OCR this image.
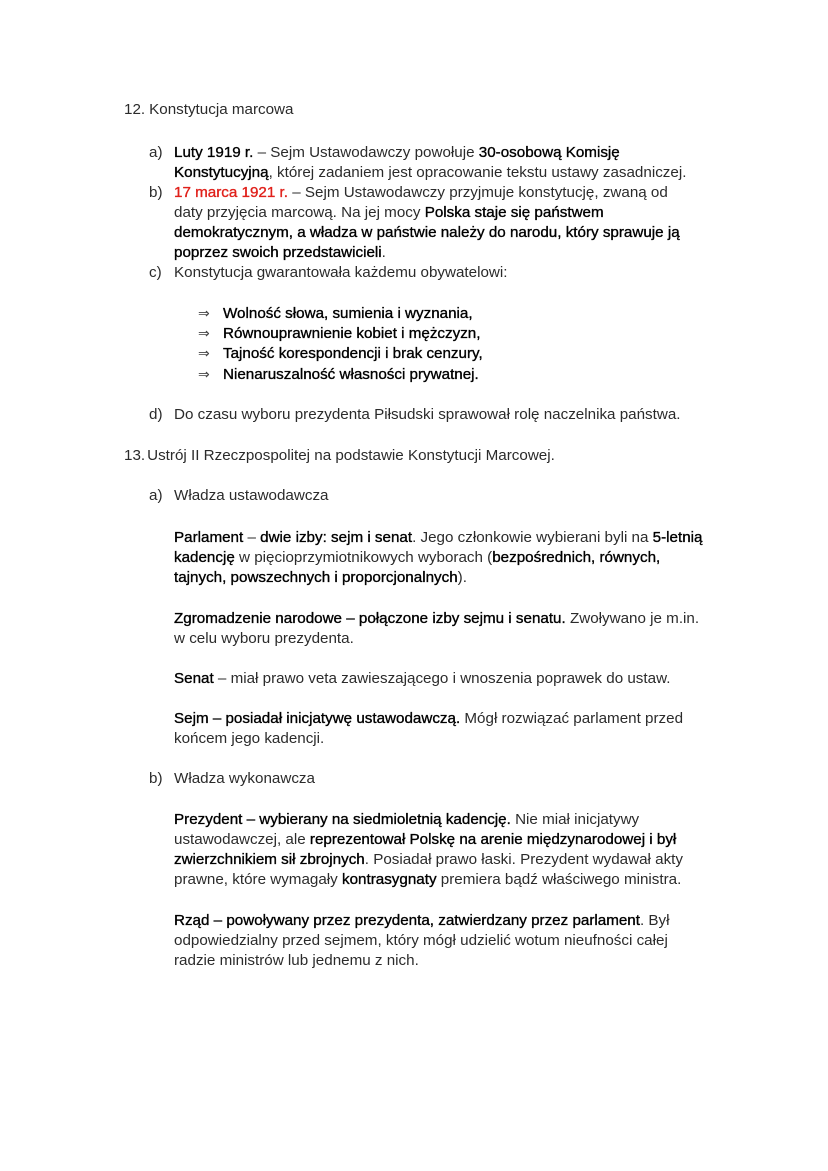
12. Konstytucja marcowa
a) Luty 1919 r. – Sejm Ustawodawczy powołuje 30-osobową Komisję
Konstytucyjną, której zadaniem jest opracowanie tekstu ustawy zasadniczej.
b) 17 marca 1921 r. – Sejm Ustawodawczy przyjmuje konstytucję, zwaną od
daty przyjęcia marcową. Na jej mocy Polska staje się państwem
demokratycznym, a władza w państwie należy do narodu, który sprawuje ją
poprzez swoich przedstawicieli.
c) Konstytucja gwarantowała każdemu obywatelowi:
⇒ Wolność słowa, sumienia i wyznania,
⇒ Równouprawnienie kobiet i mężczyzn,
⇒ Tajność korespondencji i brak cenzury,
⇒ Nienaruszalność własności prywatnej.
d) Do czasu wyboru prezydenta Piłsudski sprawował rolę naczelnika państwa.
13. Ustrój II Rzeczpospolitej na podstawie Konstytucji Marcowej.
a) Władza ustawodawcza
Parlament – dwie izby: sejm i senat. Jego członkowie wybierani byli na 5-letnią
kadencję w pięcioprzymiotnikowych wyborach (bezpośrednich, równych,
tajnych, powszechnych i proporcjonalnych).
Zgromadzenie narodowe – połączone izby sejmu i senatu. Zwoływano je m.in.
w celu wyboru prezydenta.
Senat – miał prawo veta zawieszającego i wnoszenia poprawek do ustaw.
Sejm – posiadał inicjatywę ustawodawczą. Mógł rozwiązać parlament przed
końcem jego kadencji.
b) Władza wykonawcza
Prezydent – wybierany na siedmioletnią kadencję. Nie miał inicjatywy
ustawodawczej, ale reprezentował Polskę na arenie międzynarodowej i był
zwierzchnikiem sił zbrojnych. Posiadał prawo łaski. Prezydent wydawał akty
prawne, które wymagały kontrasygnaty premiera bądź właściwego ministra.
Rząd – powoływany przez prezydenta, zatwierdzany przez parlament. Był
odpowiedzialny przed sejmem, który mógł udzielić wotum nieufności całej
radzie ministrów lub jednemu z nich.
